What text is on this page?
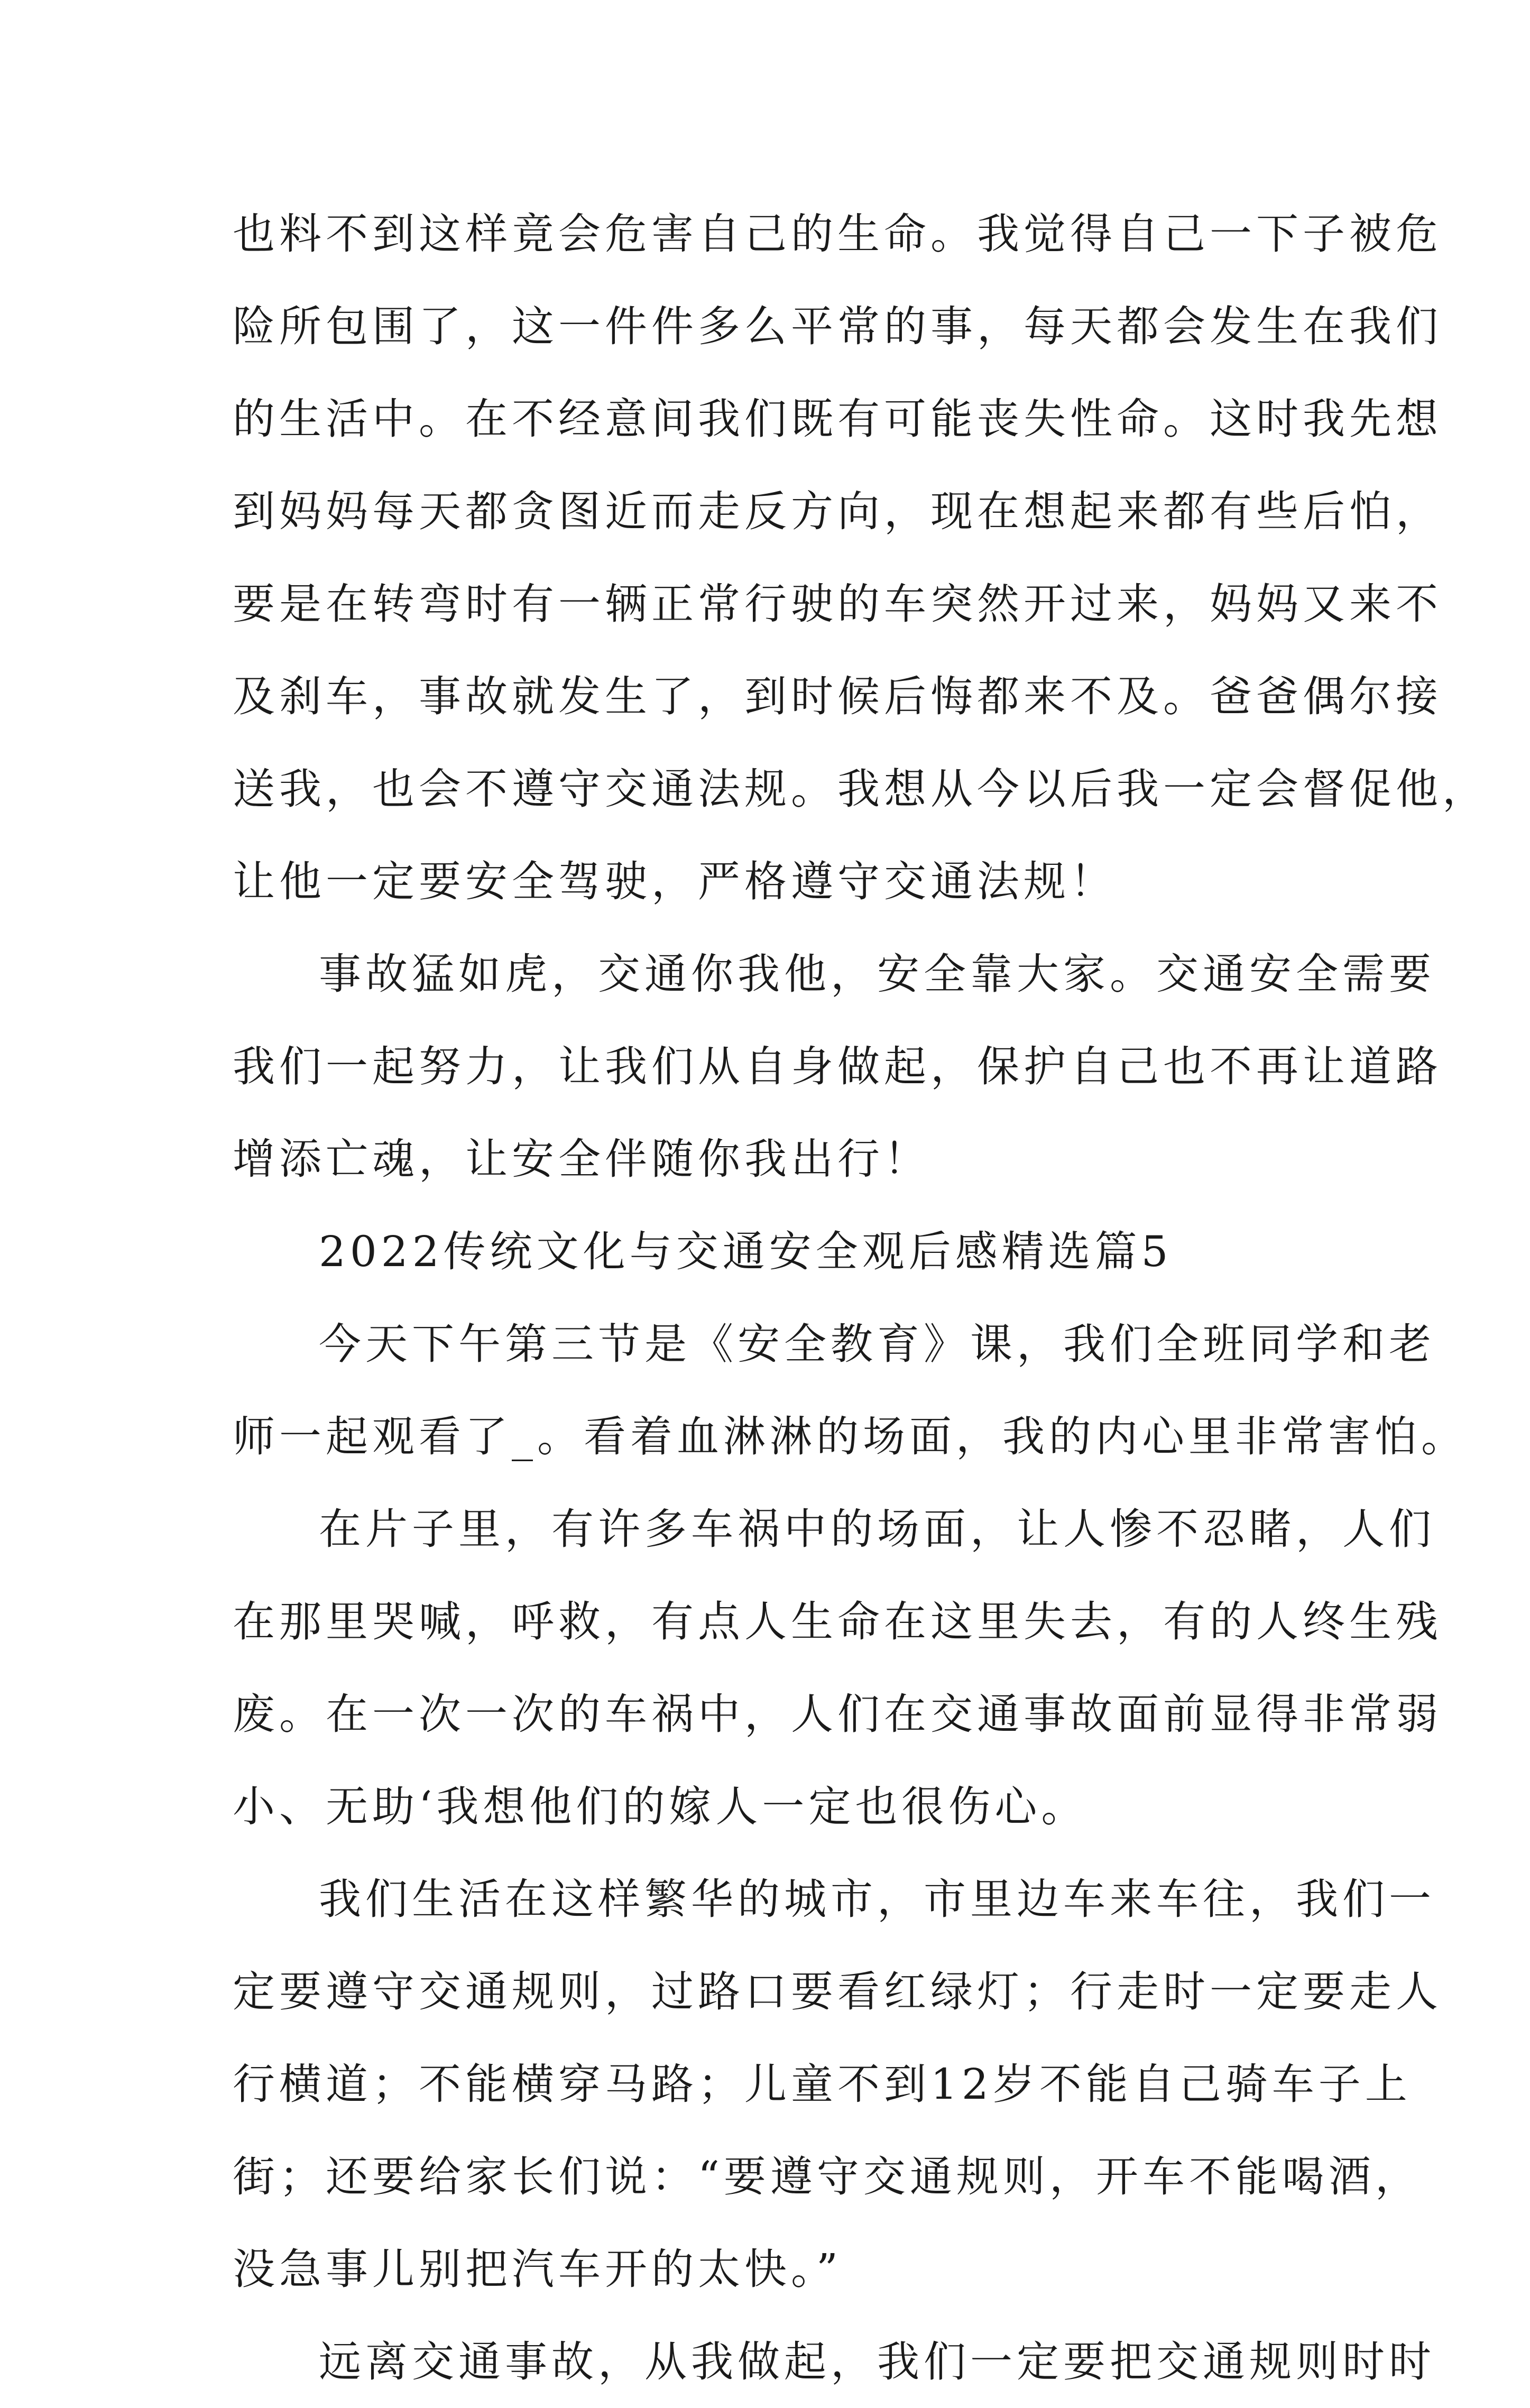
也料不到这样竟会危害自己的生命。我觉得自己一下子被危
险所包围了，这一件件多么平常的事，每天都会发生在我们
的生活中。在不经意间我们既有可能丧失性命。这时我先想
到妈妈每天都贪图近而走反方向，现在想起来都有些后怕，
要是在转弯时有一辆正常行驶的车突然开过来，妈妈又来不
及刹车，事故就发生了，到时候后悔都来不及。爸爸偶尔接
送我，也会不遵守交通法规。我想从今以后我一定会督促他，
让他一定要安全驾驶，严格遵守交通法规！
事故猛如虎，交通你我他，安全靠大家。交通安全需要
我们一起努力，让我们从自身做起，保护自己也不再让道路
增添亡魂，让安全伴随你我出行！
2022传统文化与交通安全观后感精选篇5
今天下午第三节是《安全教育》课，我们全班同学和老
师一起观看了_。看着血淋淋的场面，我的内心里非常害怕。
在片子里，有许多车祸中的场面，让人惨不忍睹，人们
在那里哭喊，呼救，有点人生命在这里失去，有的人终生残
废。在一次一次的车祸中，人们在交通事故面前显得非常弱
小、无助‘我想他们的嫁人一定也很伤心。
我们生活在这样繁华的城市，市里边车来车往，我们一
定要遵守交通规则，过路口要看红绿灯；行走时一定要走人
行横道；不能横穿马路；儿童不到12岁不能自己骑车子上
街；还要给家长们说：“要遵守交通规则，开车不能喝酒，
没急事儿别把汽车开的太快。”
远离交通事故，从我做起，我们一定要把交通规则时时
